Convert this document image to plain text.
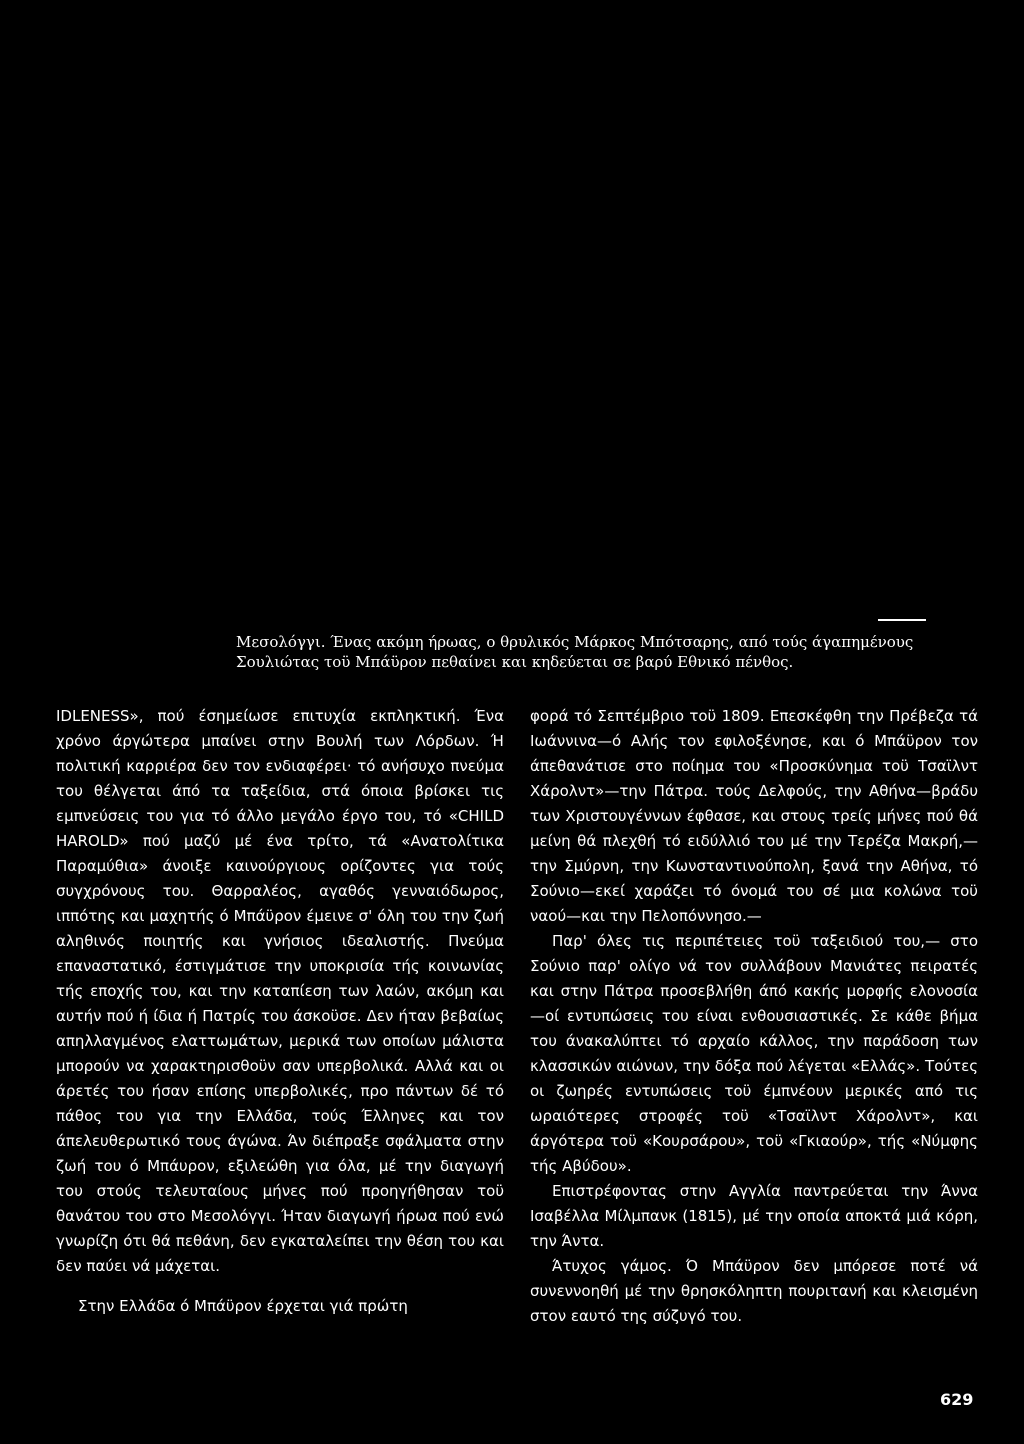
Μεσολόγγι. Ένας ακόμη ήρωας, ο θρυλικός Μάρκος Μπότσαρης, από τούς άγαπημένους
Σουλιώτας τοϋ Μπάϋρον πεθαίνει και κηδεύεται σε βαρύ Εθνικό πένθος.

IDLENESS», πού έσημείωσε επιτυχία εκπληκτική. Ένα χρόνο άργώτερα μπαίνει στην Βουλή των Λόρδων. Ή πολιτική καρριέρα δεν τον ενδιαφέρει· τό ανήσυχο πνεύμα του θέλγεται άπό τα ταξείδια, στά όποια βρίσκει τις εμπνεύσεις του για τό άλλο μεγάλο έργο του, τό «CHILD HAROLD» πού μαζύ μέ ένα τρίτο, τά «Ανατολίτικα Παραμύθια» άνοιξε καινούργιους ορίζοντες για τούς συγχρόνους του. Θαρραλέος, αγαθός γενναιόδωρος, ιππότης και μαχητής ό Μπάϋρον έμεινε σ' όλη του την ζωή αληθινός ποιητής και γνήσιος ιδεαλιστής. Πνεύμα επαναστατικό, έστιγμάτισε την υποκρισία τής κοινωνίας τής εποχής του, και την καταπίεση των λαών, ακόμη και αυτήν πού ή ίδια ή Πατρίς του άσκοϋσε. Δεν ήταν βεβαίως απηλλαγμένος ελαττωμάτων, μερικά των οποίων μάλιστα μπορούν να χαρακτηρισθοϋν σαν υπερβολικά. Αλλά και οι άρετές του ήσαν επίσης υπερβολικές, προ πάντων δέ τό πάθος του για την Ελλάδα, τούς Έλληνες και τον άπελευθερωτικό τους άγώνα. Άν διέπραξε σφάλματα στην ζωή του ό Μπάυρον, εξιλεώθη για όλα, μέ την διαγωγή του στούς τελευταίους μήνες πού προηγήθησαν τοϋ θανάτου του στο Μεσολόγγι. Ήταν διαγωγή ήρωα πού ενώ γνωρίζη ότι θά πεθάνη, δεν εγκαταλείπει την θέση του και δεν παύει νά μάχεται.

Στην Ελλάδα ό Μπάϋρον έρχεται γιά πρώτη

φορά τό Σεπτέμβριο τοϋ 1809. Επεσκέφθη την Πρέβεζα τά Ιωάννινα—ό Αλής τον εφιλοξένησε, και ό Μπάϋρον τον άπεθανάτισε στο ποίημα του «Προσκύνημα τοϋ Τσαϊλντ Χάρολντ»—την Πάτρα. τούς Δελφούς, την Αθήνα—βράδυ των Χριστουγέννων έφθασε, και στους τρείς μήνες πού θά μείνη θά πλεχθή τό ειδύλλιό του μέ την Τερέζα Μακρή,—την Σμύρνη, την Κωνσταντινούπολη, ξανά την Αθήνα, τό Σούνιο—εκεί χαράζει τό όνομά του σέ μια κολώνα τοϋ ναού—και την Πελοπόννησο.—

Παρ' όλες τις περιπέτειες τοϋ ταξειδιού του,— στο Σούνιο παρ' ολίγο νά τον συλλάβουν Μανιάτες πειρατές και στην Πάτρα προσεβλήθη άπό κακής μορφής ελονοσία —οί εντυπώσεις του είναι ενθουσιαστικές. Σε κάθε βήμα του άνακαλύπτει τό αρχαίο κάλλος, την παράδοση των κλασσικών αιώνων, την δόξα πού λέγεται «Ελλάς». Τούτες οι ζωηρές εντυπώσεις τοϋ έμπνέουν μερικές από τις ωραιότερες στροφές τοϋ «Τσαϊλντ Χάρολντ», και άργότερα τοϋ «Κουρσάρου», τοϋ «Γκιαούρ», τής «Νύμφης τής Αβύδου».

Επιστρέφοντας στην Αγγλία παντρεύεται την Άννα Ισαβέλλα Μίλμπανκ (1815), μέ την οποία αποκτά μιά κόρη, την Άντα.

Άτυχος γάμος. Ό Μπάϋρον δεν μπόρεσε ποτέ νά συνεννοηθή μέ την θρησκόληπτη πουριτανή και κλεισμένη στον εαυτό της σύζυγό του.

629
